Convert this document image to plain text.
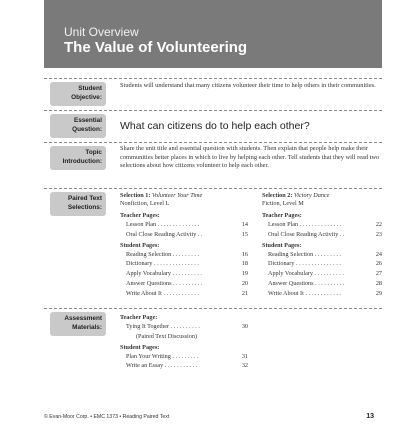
Unit Overview
The Value of Volunteering
Student Objective:
Students will understand that many citizens volunteer their time to help others in their communities.
Essential Question:	What can citizens do to help each other?
Topic Introduction:
Share the unit title and essential question with students. Then explain that people help make their communities better places in which to live by helping each other. Tell students that they will read two selections about how citizens volunteer to help each other.
Paired Text Selections:
Selection 1: Volunteer Your Time
Nonfiction, Level L
Teacher Pages:
Lesson Plan . . . . . . . . . . . . . .	14
Oral Close Reading Activity . .	15
Student Pages:
Reading Selection . . . . . . . . .	16
Dictionary . . . . . . . . . . . . . . .	18
Apply Vocabulary . . . . . . . . . .	19
Answer Questions . . . . . . . . . .	20
Write About It . . . . . . . . . . . .	21
Selection 2: Victory Dance
Fiction, Level M
Teacher Pages:
Lesson Plan . . . . . . . . . . . . . .	22
Oral Close Reading Activity . .	23
Student Pages:
Reading Selection . . . . . . . . .	24
Dictionary . . . . . . . . . . . . . . .	26
Apply Vocabulary . . . . . . . . . .	27
Answer Questions . . . . . . . . . .	28
Write About It . . . . . . . . . . . .	29
Assessment Materials:
Teacher Page:
Tying It Together . . . . . . . . . .	30
(Paired Text Discussion)
Student Pages:
Plan Your Writing . . . . . . . . .	31
Write an Essay . . . . . . . . . . .	32
© Evan-Moor Corp. • EMC 1373 • Reading Paired Text	13
